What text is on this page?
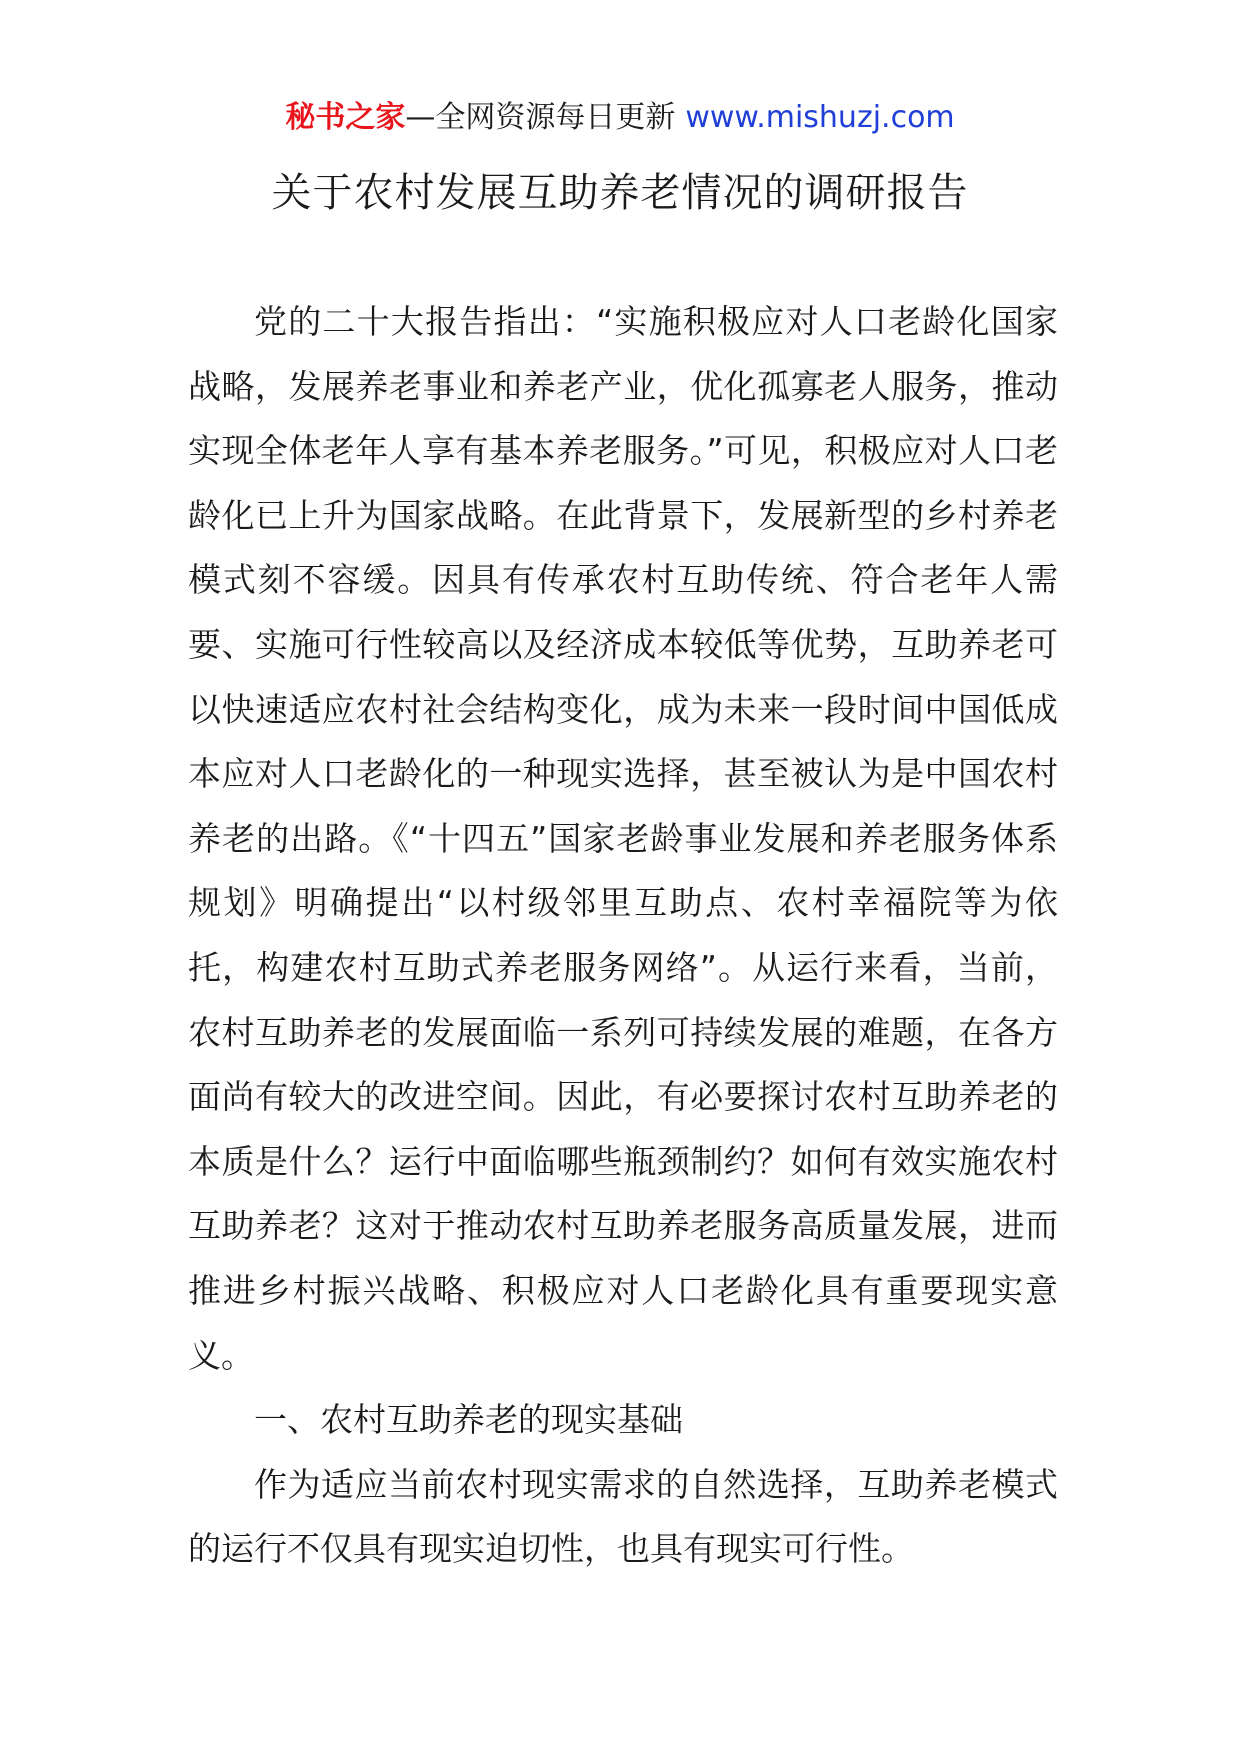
秘书之家—全网资源每日更新 www.mishuzj.com
关于农村发展互助养老情况的调研报告

党的二十大报告指出：“实施积极应对人口老龄化国家战略，发展养老事业和养老产业，优化孤寡老人服务，推动实现全体老年人享有基本养老服务。”可见，积极应对人口老龄化已上升为国家战略。在此背景下，发展新型的乡村养老模式刻不容缓。因具有传承农村互助传统、符合老年人需要、实施可行性较高以及经济成本较低等优势，互助养老可以快速适应农村社会结构变化，成为未来一段时间中国低成本应对人口老龄化的一种现实选择，甚至被认为是中国农村养老的出路。《“十四五”国家老龄事业发展和养老服务体系规划》明确提出“以村级邻里互助点、农村幸福院等为依托，构建农村互助式养老服务网络”。从运行来看，当前，农村互助养老的发展面临一系列可持续发展的难题，在各方面尚有较大的改进空间。因此，有必要探讨农村互助养老的本质是什么？运行中面临哪些瓶颈制约？如何有效实施农村互助养老？这对于推动农村互助养老服务高质量发展，进而推进乡村振兴战略、积极应对人口老龄化具有重要现实意义。

一、农村互助养老的现实基础

作为适应当前农村现实需求的自然选择，互助养老模式的运行不仅具有现实迫切性，也具有现实可行性。
